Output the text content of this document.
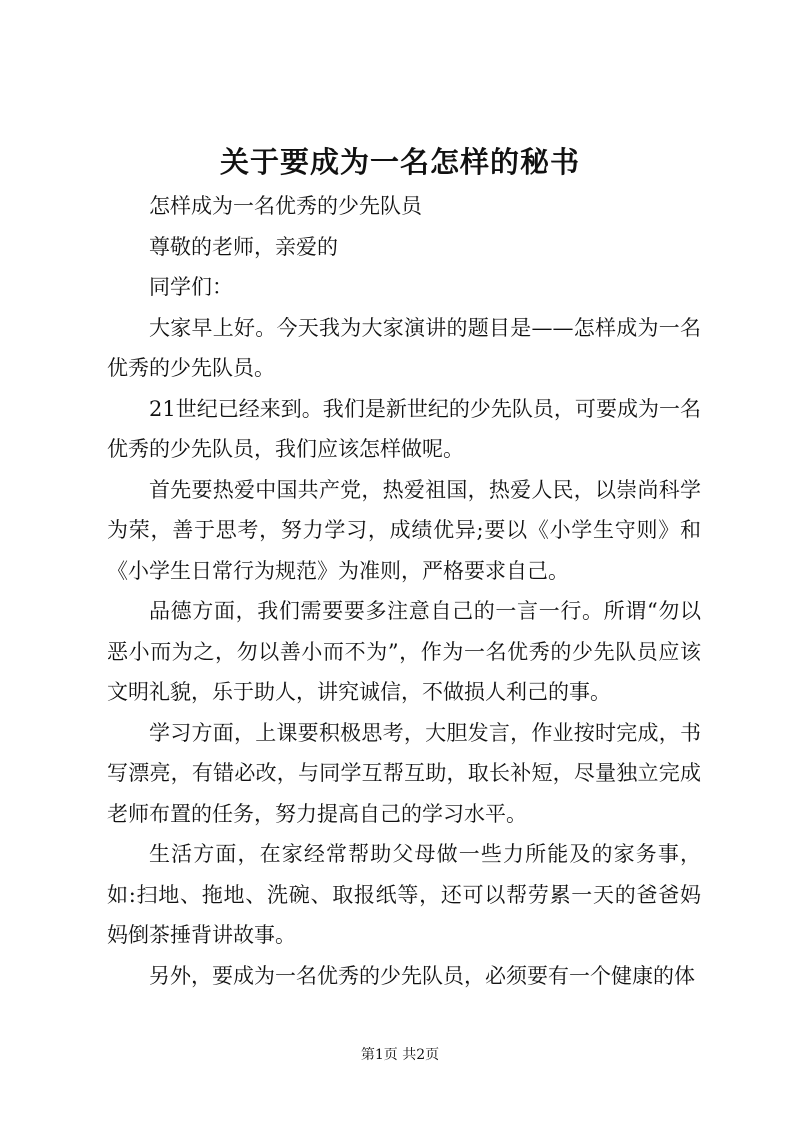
关于要成为一名怎样的秘书

怎样成为一名优秀的少先队员

尊敬的老师，亲爱的

同学们：

大家早上好。今天我为大家演讲的题目是——怎样成为一名优秀的少先队员。

21世纪已经来到。我们是新世纪的少先队员，可要成为一名优秀的少先队员，我们应该怎样做呢。

首先要热爱中国共产党，热爱祖国，热爱人民，以崇尚科学为荣，善于思考，努力学习，成绩优异;要以《小学生守则》和《小学生日常行为规范》为准则，严格要求自己。

品德方面，我们需要要多注意自己的一言一行。所谓“勿以恶小而为之，勿以善小而不为”，作为一名优秀的少先队员应该文明礼貌，乐于助人，讲究诚信，不做损人利己的事。

学习方面，上课要积极思考，大胆发言，作业按时完成，书写漂亮，有错必改，与同学互帮互助，取长补短，尽量独立完成老师布置的任务，努力提高自己的学习水平。

生活方面，在家经常帮助父母做一些力所能及的家务事，如:扫地、拖地、洗碗、取报纸等，还可以帮劳累一天的爸爸妈妈倒茶捶背讲故事。

另外，要成为一名优秀的少先队员，必须要有一个健康的体

第1页 共2页
